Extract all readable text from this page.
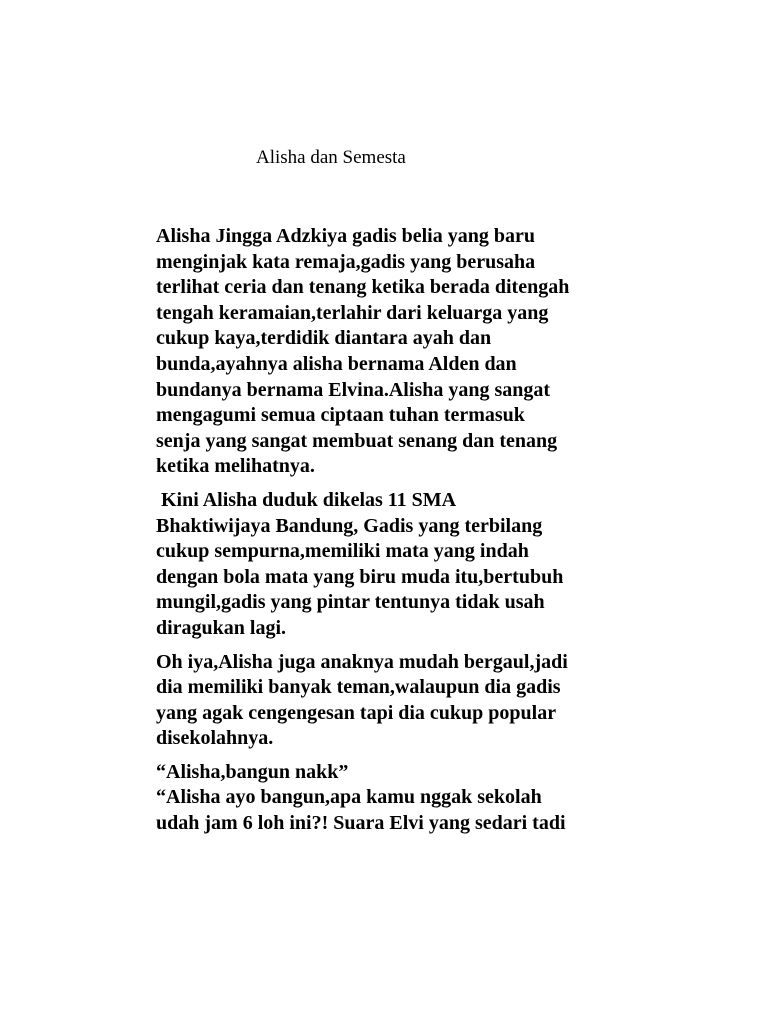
Alisha dan Semesta

Alisha Jingga Adzkiya gadis belia yang baru
menginjak kata remaja,gadis yang berusaha
terlihat ceria dan tenang ketika berada ditengah
tengah keramaian,terlahir dari keluarga yang
cukup kaya,terdidik diantara ayah dan
bunda,ayahnya alisha bernama Alden dan
bundanya bernama Elvina.Alisha yang sangat
mengagumi semua ciptaan tuhan termasuk
senja yang sangat membuat senang dan tenang
ketika melihatnya.

Kini Alisha duduk dikelas 11 SMA
Bhaktiwijaya Bandung, Gadis yang terbilang
cukup sempurna,memiliki mata yang indah
dengan bola mata yang biru muda itu,bertubuh
mungil,gadis yang pintar tentunya tidak usah
diragukan lagi.

Oh iya,Alisha juga anaknya mudah bergaul,jadi
dia memiliki banyak teman,walaupun dia gadis
yang agak cengengesan tapi dia cukup popular
disekolahnya.

“Alisha,bangun nakk”
“Alisha ayo bangun,apa kamu nggak sekolah
udah jam 6 loh ini?! Suara Elvi yang sedari tadi
